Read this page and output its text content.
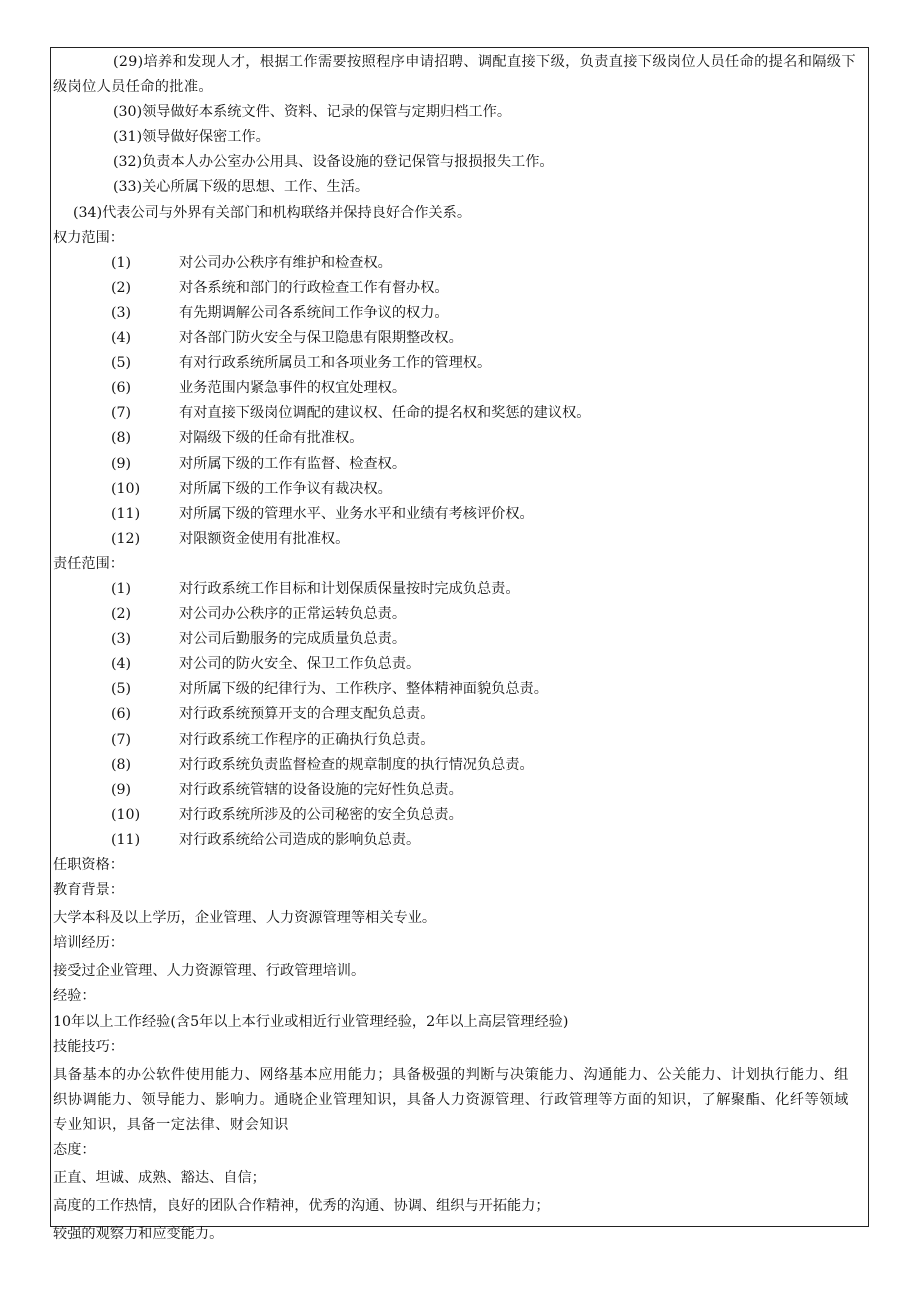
(29)培养和发现人才，根据工作需要按照程序申请招聘、调配直接下级，负责直接下级岗位人员任命的提名和隔级下级岗位人员任命的批准。
(30)领导做好本系统文件、资料、记录的保管与定期归档工作。
(31)领导做好保密工作。
(32)负责本人办公室办公用具、设备设施的登记保管与报损报失工作。
(33)关心所属下级的思想、工作、生活。
(34)代表公司与外界有关部门和机构联络并保持良好合作关系。
权力范围：
(1)	对公司办公秩序有维护和检查权。
(2)	对各系统和部门的行政检查工作有督办权。
(3)	有先期调解公司各系统间工作争议的权力。
(4)	对各部门防火安全与保卫隐患有限期整改权。
(5)	有对行政系统所属员工和各项业务工作的管理权。
(6)	业务范围内紧急事件的权宜处理权。
(7)	有对直接下级岗位调配的建议权、任命的提名权和奖惩的建议权。
(8)	对隔级下级的任命有批准权。
(9)	对所属下级的工作有监督、检查权。
(10)	对所属下级的工作争议有裁决权。
(11)	对所属下级的管理水平、业务水平和业绩有考核评价权。
(12)	对限额资金使用有批准权。
责任范围：
(1)	对行政系统工作目标和计划保质保量按时完成负总责。
(2)	对公司办公秩序的正常运转负总责。
(3)	对公司后勤服务的完成质量负总责。
(4)	对公司的防火安全、保卫工作负总责。
(5)	对所属下级的纪律行为、工作秩序、整体精神面貌负总责。
(6)	对行政系统预算开支的合理支配负总责。
(7)	对行政系统工作程序的正确执行负总责。
(8)	对行政系统负责监督检查的规章制度的执行情况负总责。
(9)	对行政系统管辖的设备设施的完好性负总责。
(10)	对行政系统所涉及的公司秘密的安全负总责。
(11)	对行政系统给公司造成的影响负总责。
任职资格：
教育背景：
大学本科及以上学历，企业管理、人力资源管理等相关专业。
培训经历：
接受过企业管理、人力资源管理、行政管理培训。
经验：
10年以上工作经验(含5年以上本行业或相近行业管理经验，2年以上高层管理经验)
技能技巧：
具备基本的办公软件使用能力、网络基本应用能力；具备极强的判断与决策能力、沟通能力、公关能力、计划执行能力、组织协调能力、领导能力、影响力。通晓企业管理知识，具备人力资源管理、行政管理等方面的知识，了解聚酯、化纤等领域专业知识，具备一定法律、财会知识
态度：
正直、坦诚、成熟、豁达、自信；
高度的工作热情，良好的团队合作精神，优秀的沟通、协调、组织与开拓能力；
较强的观察力和应变能力。
